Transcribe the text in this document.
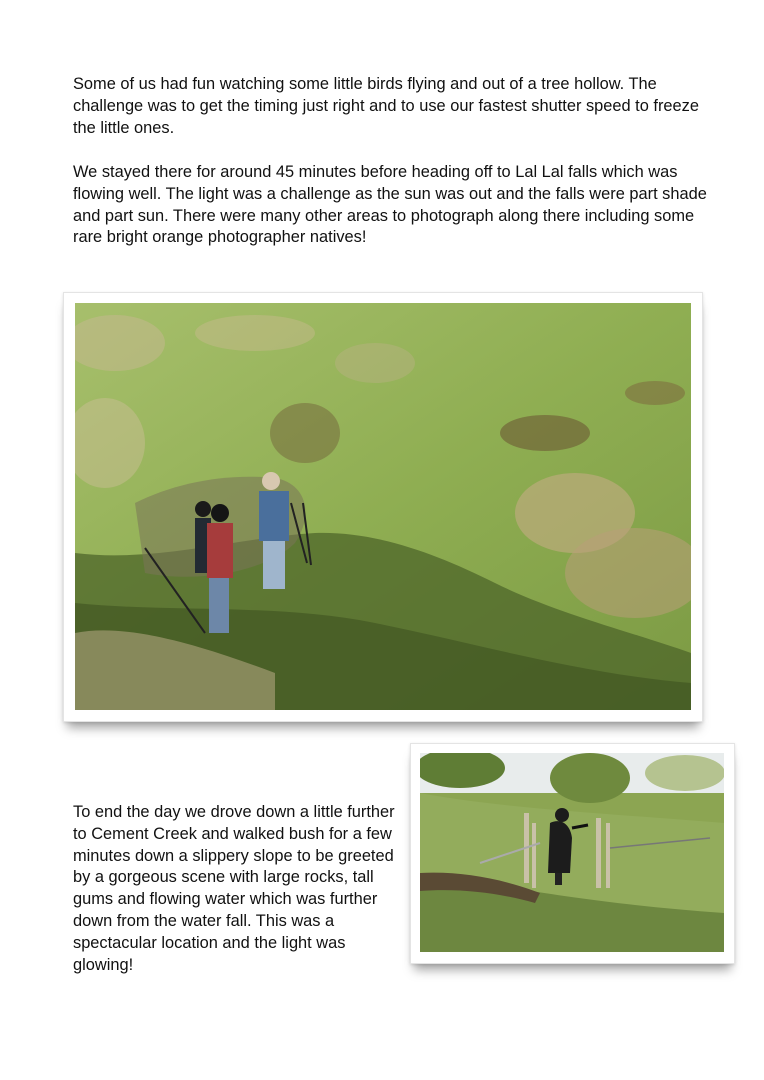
Some of us had fun watching some little birds flying and out of a tree hollow. The challenge was to get the timing just right and to use our fastest shutter speed to freeze the little ones.

We stayed there for around 45 minutes before heading off to Lal Lal falls which was flowing well. The light was a challenge as the sun was out and the falls were part shade and part sun. There were many other areas to photograph along there including some rare bright orange photographer natives!

To end the day we drove down a little further to Cement Creek and walked bush for a few minutes down a slippery slope to be greeted by a gorgeous scene with large rocks, tall gums and flowing water which was further down from the water fall. This was a spectacular location and the light was glowing!
